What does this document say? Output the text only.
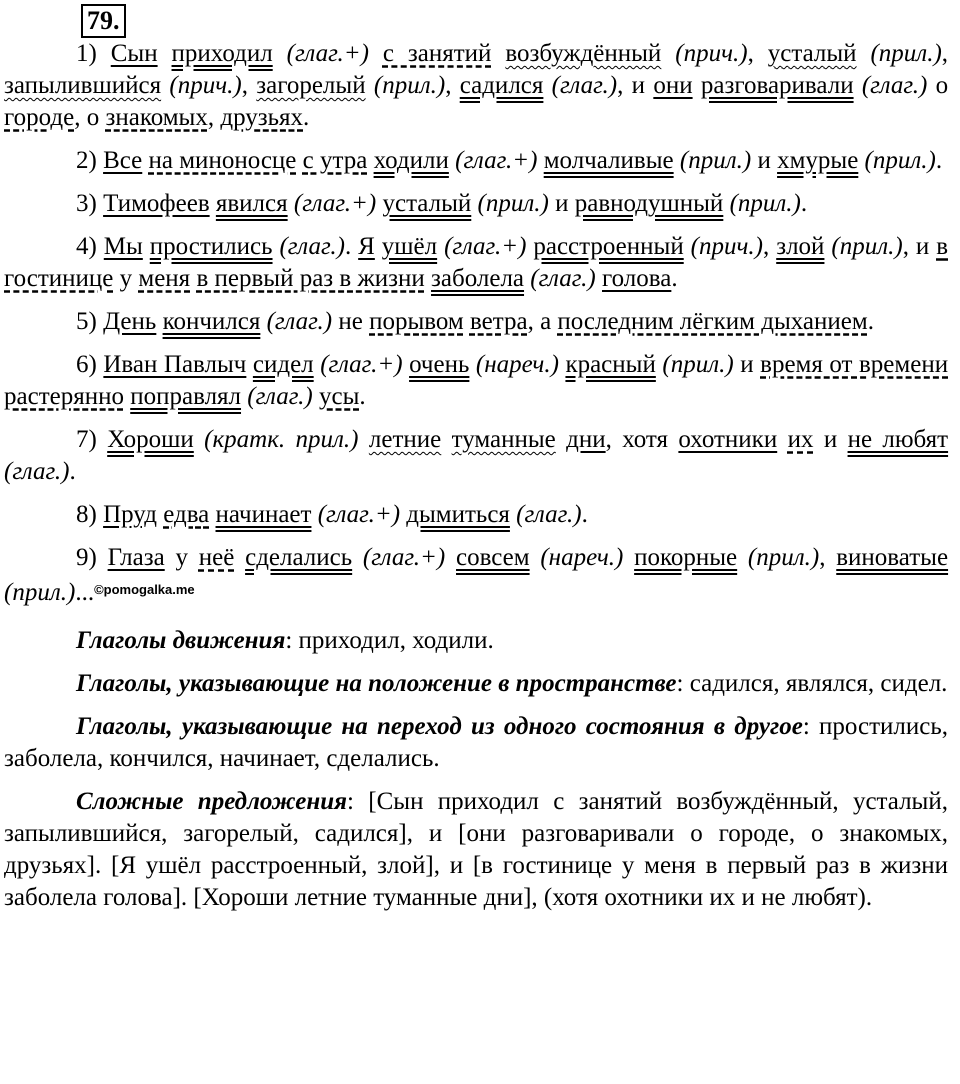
79.

1) Сын приходил (глаг.+) с занятий возбуждённый (прич.), усталый (прил.), запылившийся (прич.), загорелый (прил.), садился (глаг.), и они разговаривали (глаг.) о городе, о знакомых, друзьях.

2) Все на миноносце с утра ходили (глаг.+) молчаливые (прил.) и хмурые (прил.).

3) Тимофеев явился (глаг.+) усталый (прил.) и равнодушный (прил.).

4) Мы простились (глаг.). Я ушёл (глаг.+) расстроенный (прич.), злой (прил.), и в гостинице у меня в первый раз в жизни заболела (глаг.) голова.

5) День кончился (глаг.) не порывом ветра, а последним лёгким дыханием.

6) Иван Павлыч сидел (глаг.+) очень (нареч.) красный (прил.) и время от времени растерянно поправлял (глаг.) усы.

7) Хороши (кратк. прил.) летние туманные дни, хотя охотники их и не любят (глаг.).

8) Пруд едва начинает (глаг.+) дымиться (глаг.).

9) Глаза у неё сделались (глаг.+) совсем (нареч.) покорные (прил.), виноватые (прил.)...$^{©pomogalka.me}$

Глаголы движения: приходил, ходили.

Глаголы, указывающие на положение в пространстве: садился, являлся, сидел.

Глаголы, указывающие на переход из одного состояния в другое: простились, заболела, кончился, начинает, сделались.

Сложные предложения: [Сын приходил с занятий возбуждённый, усталый, запылившийся, загорелый, садился], и [они разговаривали о городе, о знакомых, друзьях]. [Я ушёл расстроенный, злой], и [в гостинице у меня в первый раз в жизни заболела голова]. [Хороши летние туманные дни], (хотя охотники их и не любят).
